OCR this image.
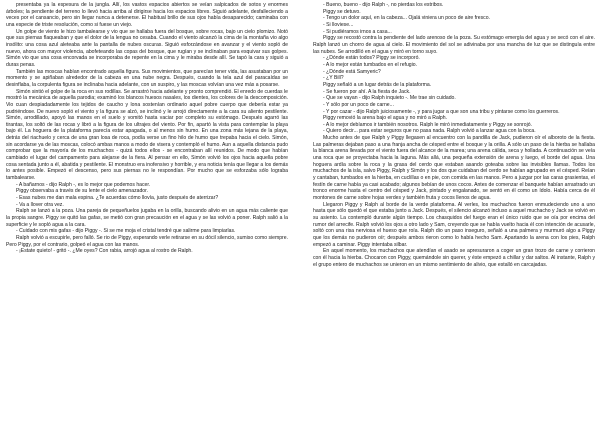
presentaba ya la espesura de la jungla. Allí, los vastos espacios abiertos se veían salpicados de sotos y enormes árboles; la pendiente del terreno lo llevó hacia arriba al dirigirse hacia los espacios libres. Siguió adelante, desfalleciendo a veces por el cansancio, pero sin llegar nunca a detenerse. El habitual brillo de sus ojos había desaparecido; caminaba con una especie de triste resolución, como si fuese un viejo.

Un golpe de viento le hizo tambalearse y vio que se hallaba fuera del bosque, sobre rocas, bajo un cielo plomizo. Notó que sus piernas flaqueaban y que el dolor de la lengua no cesaba. Cuando el viento alcanzó la cima de la montaña vio algo insólito: una cosa azul aleteaba ante la pantalla de nubes oscuras. Siguió esforzándose en avanzar y el viento sopló de nuevo, ahora con mayor violencia, abofeteando las copas del bosque, que rugían y se inclinaban para esquivar sus golpes. Simón vio que una cosa encorvada se incorporaba de repente en la cima y le miraba desde allí. Se tapó la cara y siguió a duras penas.

También las moscas habían encontrado aquella figura. Sus movimientos, que parecían tener vida, las asustaban por un momento y se apiñaban alrededor de la cabeza en una nube negra. Después, cuando la tela azul del paracaídas se desinflaba, la corpulenta figura se inclinaba hacia adelante, con un suspiro, y las moscas volvían una vez más a posarse.

Simón sintió el golpe de la roca en sus rodillas. Se arrastró hacia adelante y pronto comprendió. El enredo de cuerdas le mostró la mecánica de aquella parodia; examinó los blancos huesos nasales, los dientes, los colores de la descomposición. Vio cuan despiadadamente los tejidos de caucho y lona sostenían ordinario aquel pobre cuerpo que debería estar ya pudriéndose. De nuevo sopló el viento y la figura se alzó, se inclinó y le arrojó directamente a la cara su aliento pestilente. Simón, arrodillado, apoyó las manos en el suelo y vomitó hasta vaciar por completo su estómago. Después agarró las tirantas, los soltó de las rocas y libró a la figura de los ultrajes del viento. Por fin, apartó la vista para contemplar la playa bajo él. La hoguera de la plataforma parecía estar apagada, o al menos sin humo. En una zona más lejana de la playa, detrás del riachuelo y cerca de una gran losa de roca, podía verse un fino hilo de humo que trepaba hacia el cielo. Simón, sin acordarse ya de las moscas, colocó ambas manos a modo de visera y contempló el humo. Aun a aquella distancia pudo comprobar que la mayoría de los muchachos - quizá todos ellos - se encontraban allí reunidos. De modo que habían cambiado el lugar del campamento para alejarse de la fiera. Al pensar en ello, Simón volvió los ojos hacia aquella pobre cosa sentada junto a él, abatida y pestilente. El monstruo era inofensivo y horrible, y era noticia tenía que llegar a los demás lo antes posible. Empezó el descenso, pero sus piernas no le respondían. Por mucho que se esforzaba sólo lograba tambalearse.

- A bañarnos - dijo Ralph -, es lo mejor que podemos hacer.

Piggy observaba a través de su lente el cielo amenazador.

- Esas nubes me dan mala espina. ¿Te acuerdas cómo llovía, justo después de aterrizar?

- Va a llover otra vez.

Ralph se lanzó a la poza. Una pareja de pequeñuelos jugaba en la orilla, buscando alivio en un agua más caliente que la propia sangre. Piggy se quitó las gafas, se metió con gran precaución en el agua y se las volvió a poner. Ralph salió a la superficie y le sopló agua a la cara.

- Cuidado con mis gafas - dijo Piggy -. Si se me moja el cristal tendré que salirme para limpiarlas.

Ralph volvió a escupirle, pero falló. Se rio de Piggy, esperando verle retirarse en su dócil silencio, sumiso como siempre. Pero Piggy, por el contrario, golpeó el agua con las manos.

- ¡Estate quieto! - gritó -. ¿Me oyes? Con rabia, arrojó agua al rostro de Ralph.

- Bueno, bueno - dijo Ralph -, no pierdas los estribos.

Piggy se detuvo.

- Tengo un dolor aquí, en la cabeza... Ojalá viniera un poco de aire fresco.

- Si lloviese...

- Si pudiéramos irnos a casa...

Piggy se recostó contra la pendiente del lado arenoso de la poza. Su estómago emergía del agua y se secó con el aire. Ralph lanzó un chorro de agua al cielo. El movimiento del sol se adivinaba por una mancha de luz que se distinguía entre las nubes. Se arrodilló en el agua y miró en torno suyo.

- ¿Dónde están todos? Piggy se incorporó.

- A lo mejor están tumbados en el refugio.

- ¿Dónde está Samyeric?

- ¿Y Bill?

Piggy señaló a un lugar detrás de la plataforma.

- Se fueron por ahí. A la fiesta de Jack.

- Que se vayan - dijo Ralph inquieto -. Me trae sin cuidado.

- Y sólo por un poco de carne...

- Y por cazar - dijo Ralph juiciosamente -, y para jugar a que son una tribu y pintarse como los guerreros.

Piggy removió la arena bajo el agua y no miró a Ralph.

- A lo mejor debíamos ir también nosotros. Ralph le miró inmediatamente y Piggy se sonrojó.

- Quiero decir... para estar seguros que no pasa nada. Ralph volvió a lanzar agua con la boca.

Mucho antes de que Ralph y Piggy llegasen al encuentro con la pandilla de Jack, pudieron oír el alboroto de la fiesta. Las palmeras dejaban paso a una franja ancha de césped entre el bosque y la orilla. A sólo un paso de la hierba se hallaba la blanca arena llevada por el viento fuera del alcance de la marea; una arena cálida, seca y hollada. A continuación se veía una roca que se proyectaba hacia la laguna. Más allá, una pequeña extensión de arena y luego, el borde del agua. Una hoguera ardía sobre la roca y la grasa del cerdo que estaban asando goteaba sobre las invisibles llamas. Todos los muchachos de la isla, salvo Piggy, Ralph y Simón y los dos que cuidaban del cerdo se habían agrupado en el césped. Reían y cantaban, tumbados en la hierba, en cuclillas o en pie, con comida en las manos. Pero a juzgar por las caras grasientas, el festín de carne había ya casi acabado; algunos bebían de unos cocos. Antes de comenzar el banquete habían arrastrado un tronco enorme hasta el centro del césped y Jack, pintado y engalanado, se sentó en él como un ídolo. Había cerca de él montones de carne sobre hojas verdes y también fruta y cocos llenos de agua.

Llegaron Piggy y Ralph al borde de la verde plataforma. Al verles, los muchachos fueron enmudeciendo uno a uno hasta que sólo quedó el que estaba junto a Jack. Después, el silencio alcanzó incluso a aquel muchacho y Jack se volvió en su asiento. La contempló durante algún tiempo. Los chasquidos del fuego eran el único ruido que se oía por encima del rumor del arrecife. Ralph volvió los ojos a otro lado y Sam, creyendo que se había vuelto hacia él con intención de acusarle, soltó con una risa nerviosa el hueso que roía. Ralph dio un paso inseguro, señaló a una palmera y murmuró algo a Piggy que los demás no pudieron oír; después ambos rieron como lo había hecho Sam. Apartando la arena con los pies, Ralph empezó a caminar. Piggy intentaba silbar.

En aquel momento, los muchachos que atendían el asado se apresuraron a coger un gran trozo de carne y corrieron con él hacia la hierba. Chocaron con Piggy, quemándole sin querer, y éste empezó a chillar y dar saltos. Al instante, Ralph y el grupo entero de muchachos se unieron en un mismo sentimiento de alivio, que estalló en carcajadas.
